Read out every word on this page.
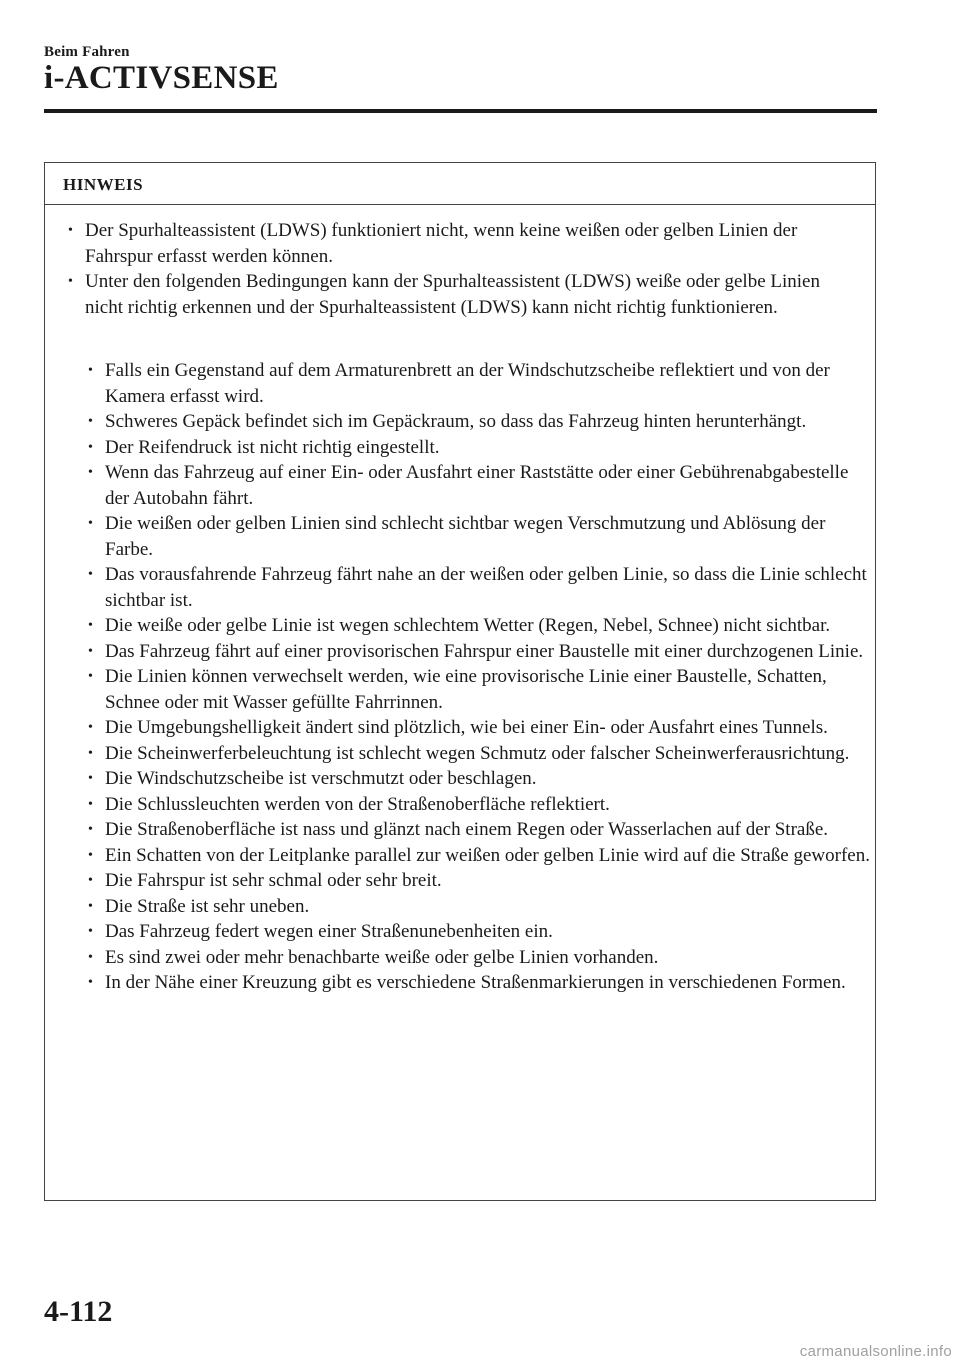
Beim Fahren
i-ACTIVSENSE
HINWEIS
• Der Spurhalteassistent (LDWS) funktioniert nicht, wenn keine weißen oder gelben Linien der Fahrspur erfasst werden können.
• Unter den folgenden Bedingungen kann der Spurhalteassistent (LDWS) weiße oder gelbe Linien nicht richtig erkennen und der Spurhalteassistent (LDWS) kann nicht richtig funktionieren.
• Falls ein Gegenstand auf dem Armaturenbrett an der Windschutzscheibe reflektiert und von der Kamera erfasst wird.
• Schweres Gepäck befindet sich im Gepäckraum, so dass das Fahrzeug hinten herunterhängt.
• Der Reifendruck ist nicht richtig eingestellt.
• Wenn das Fahrzeug auf einer Ein- oder Ausfahrt einer Raststätte oder einer Gebührenabgabestelle der Autobahn fährt.
• Die weißen oder gelben Linien sind schlecht sichtbar wegen Verschmutzung und Ablösung der Farbe.
• Das vorausfahrende Fahrzeug fährt nahe an der weißen oder gelben Linie, so dass die Linie schlecht sichtbar ist.
• Die weiße oder gelbe Linie ist wegen schlechtem Wetter (Regen, Nebel, Schnee) nicht sichtbar.
• Das Fahrzeug fährt auf einer provisorischen Fahrspur einer Baustelle mit einer durchzogenen Linie.
• Die Linien können verwechselt werden, wie eine provisorische Linie einer Baustelle, Schatten, Schnee oder mit Wasser gefüllte Fahrrinnen.
• Die Umgebungshelligkeit ändert sind plötzlich, wie bei einer Ein- oder Ausfahrt eines Tunnels.
• Die Scheinwerferbeleuchtung ist schlecht wegen Schmutz oder falscher Scheinwerferausrichtung.
• Die Windschutzscheibe ist verschmutzt oder beschlagen.
• Die Schlussleuchten werden von der Straßenoberfläche reflektiert.
• Die Straßenoberfläche ist nass und glänzt nach einem Regen oder Wasserlachen auf der Straße.
• Ein Schatten von der Leitplanke parallel zur weißen oder gelben Linie wird auf die Straße geworfen.
• Die Fahrspur ist sehr schmal oder sehr breit.
• Die Straße ist sehr uneben.
• Das Fahrzeug federt wegen einer Straßenunebenheiten ein.
• Es sind zwei oder mehr benachbarte weiße oder gelbe Linien vorhanden.
• In der Nähe einer Kreuzung gibt es verschiedene Straßenmarkierungen in verschiedenen Formen.
4-112
carmanualsonline.info
